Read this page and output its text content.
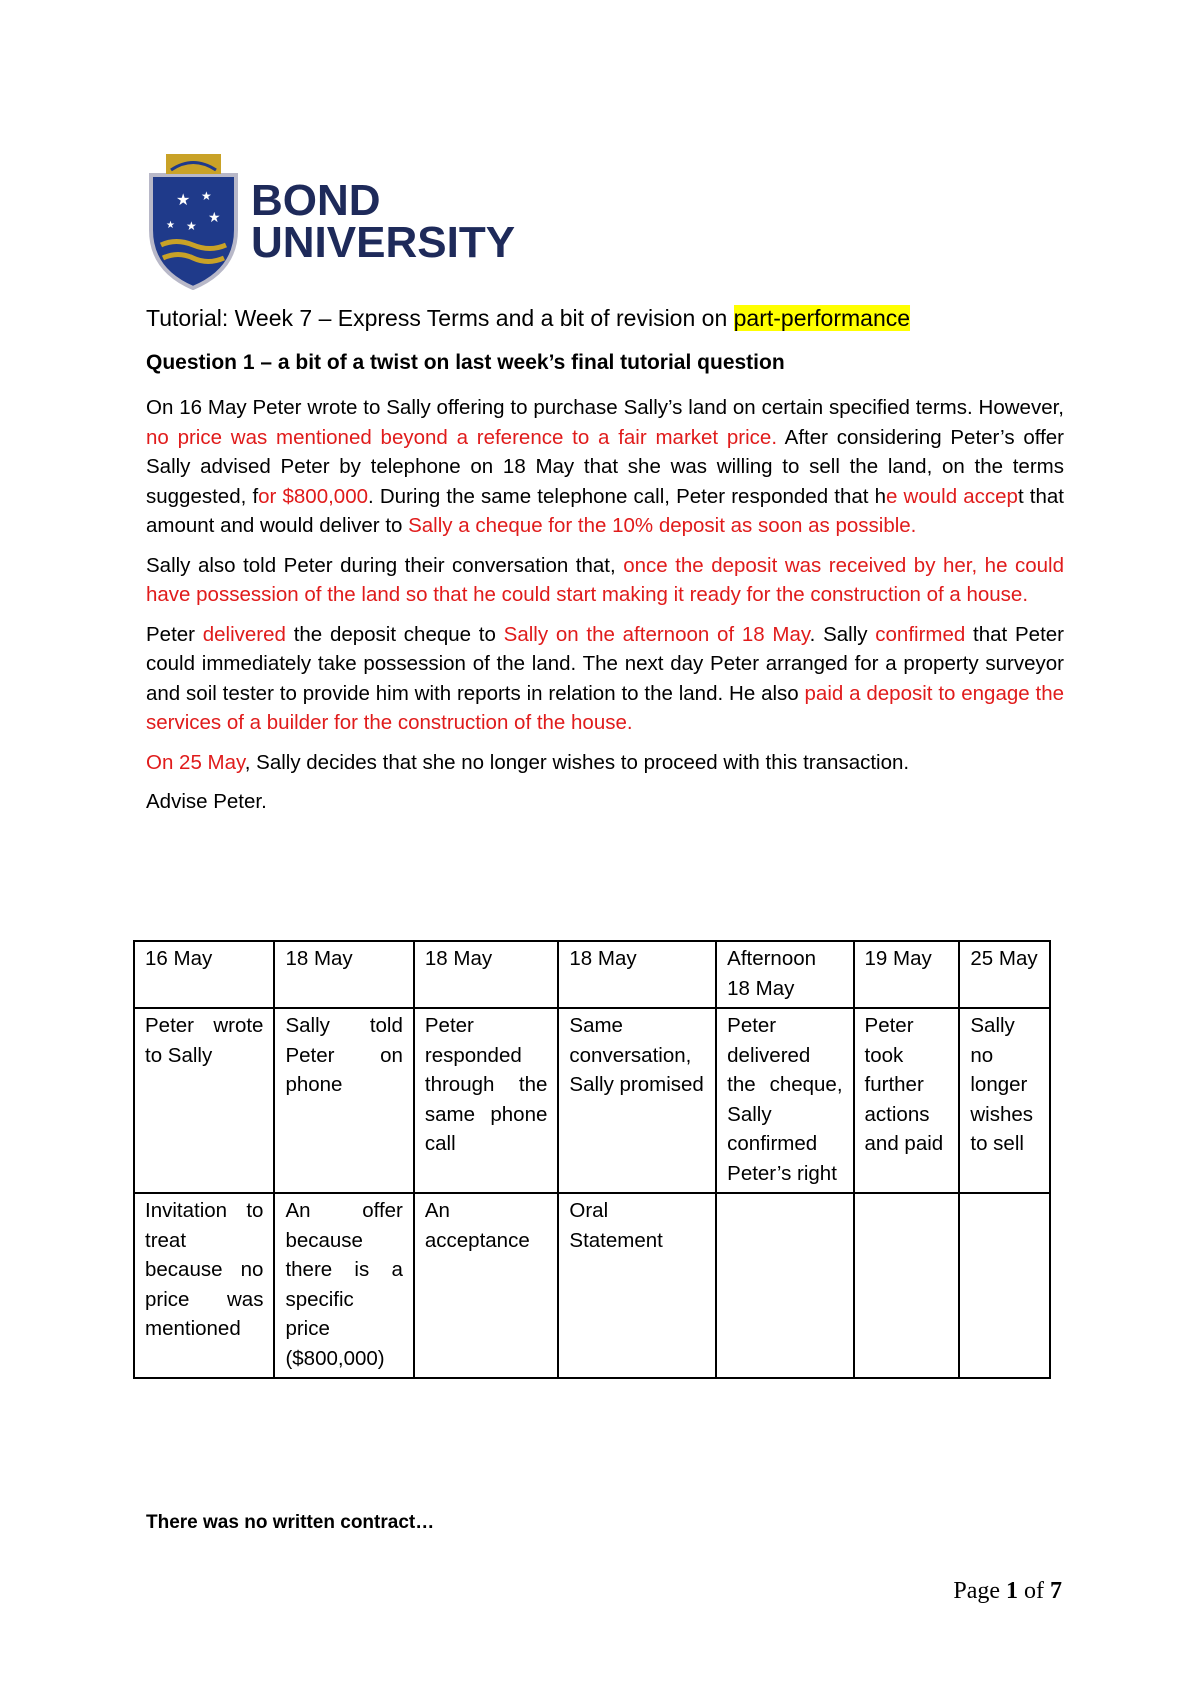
★ ★
★
★
★
BOND
UNIVERSITY
Tutorial: Week 7 – Express Terms and a bit of revision on part-performance
Question 1 – a bit of a twist on last week’s final tutorial question

On 16 May Peter wrote to Sally offering to purchase Sally’s land on certain specified terms. However, no price was mentioned beyond a reference to a fair market price. After considering Peter’s offer Sally advised Peter by telephone on 18 May that she was willing to sell the land, on the terms suggested, for $800,000. During the same telephone call, Peter responded that he would accept that amount and would deliver to Sally a cheque for the 10% deposit as soon as possible.

Sally also told Peter during their conversation that, once the deposit was received by her, he could have possession of the land so that he could start making it ready for the construction of a house.

Peter delivered the deposit cheque to Sally on the afternoon of 18 May. Sally confirmed that Peter could immediately take possession of the land. The next day Peter arranged for a property surveyor and soil tester to provide him with reports in relation to the land. He also paid a deposit to engage the services of a builder for the construction of the house.

On 25 May, Sally decides that she no longer wishes to proceed with this transaction.

Advise Peter.

16 May	18 May	18 May	18 May	Afternoon 18 May	19 May	25 May
Peter wrote to Sally	Sally told Peter on phone	Peter responded through the same phone call	Same conversation, Sally promised	Peter delivered the cheque, Sally confirmed Peter’s right	Peter took further actions and paid	Sally no longer wishes to sell
Invitation to treat because no price was mentioned	An offer because there is a specific price ($800,000)	An acceptance	Oral Statement			
There was no written contract…
Page 1 of 7
